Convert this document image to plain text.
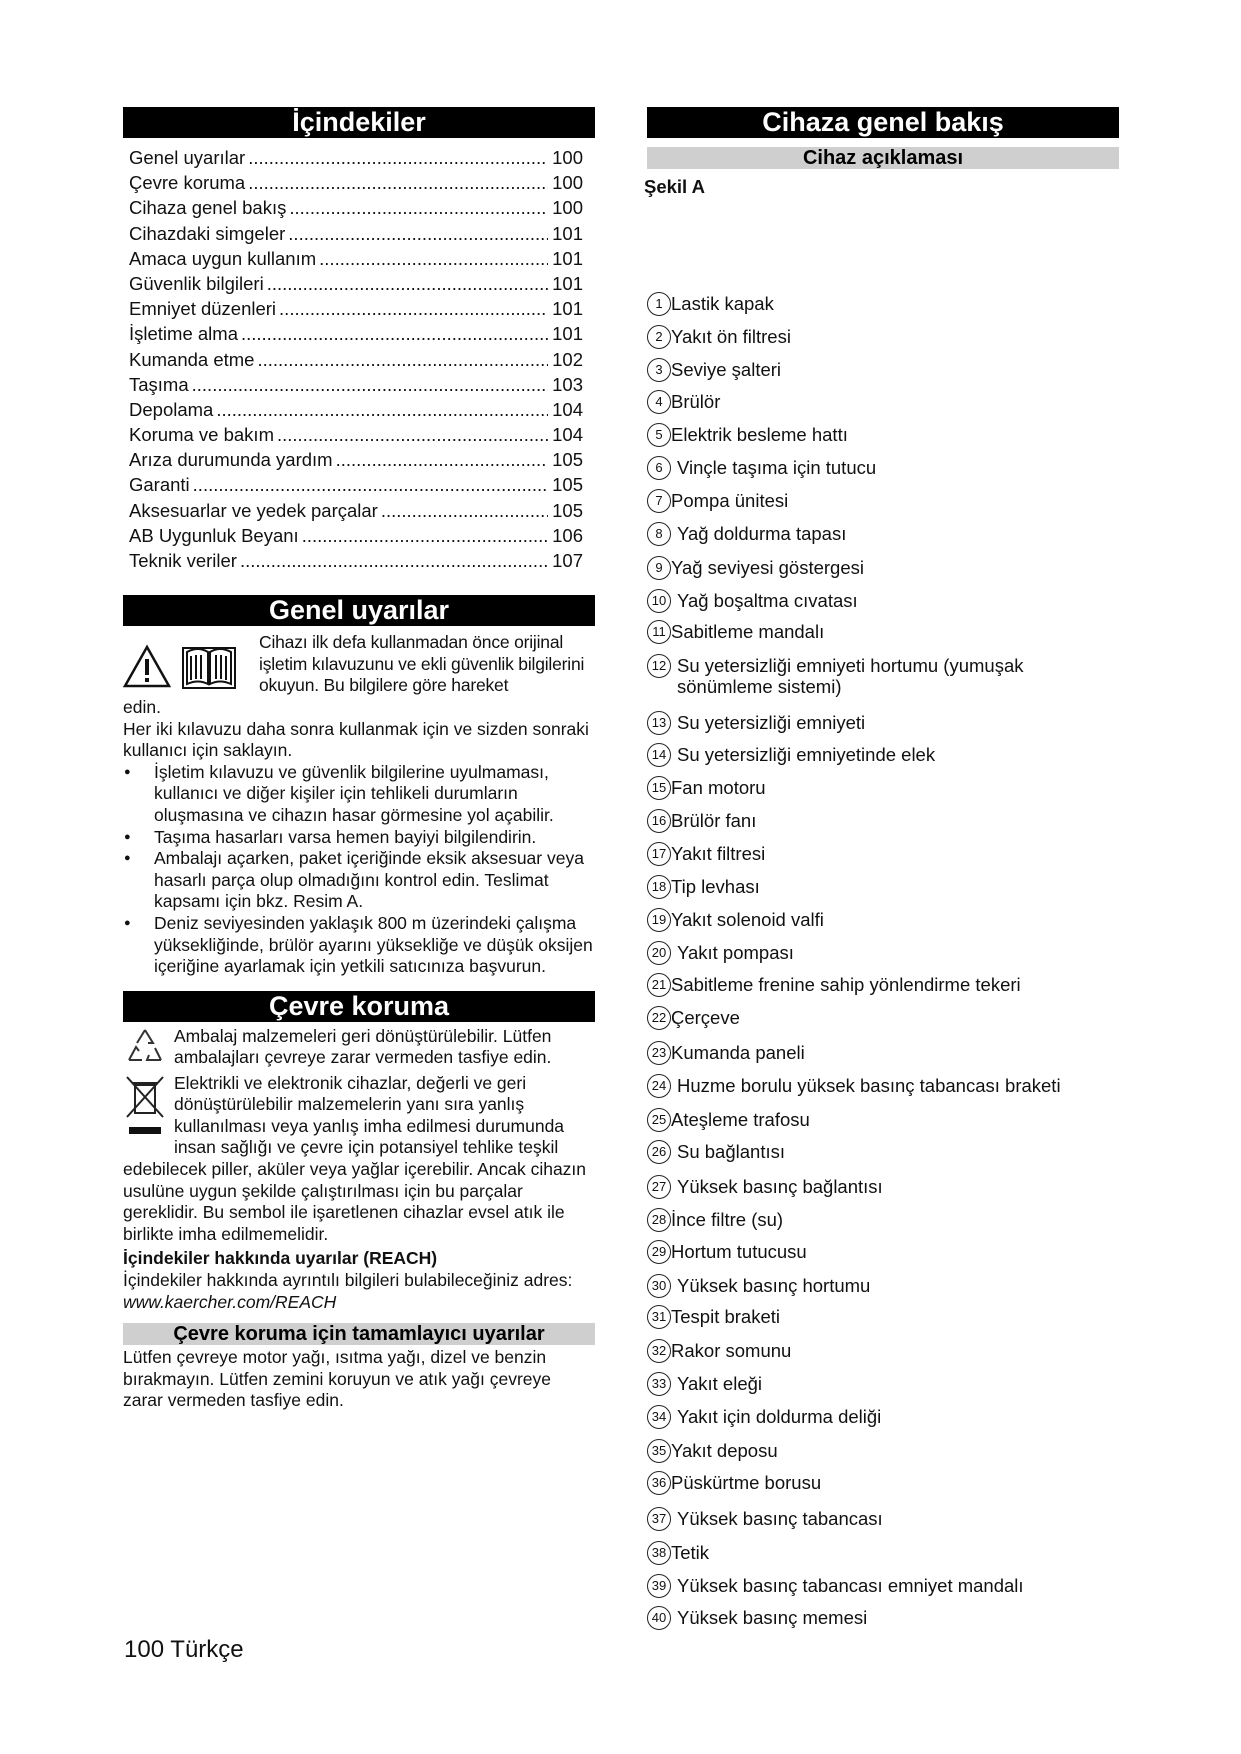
İçindekiler
Genel uyarılar .....	100
Çevre koruma .....	100
Cihaza genel bakış .....	100
Cihazdaki simgeler .....	101
Amaca uygun kullanım .....	101
Güvenlik bilgileri .....	101
Emniyet düzenleri .....	101
İşletime alma .....	101
Kumanda etme .....	102
Taşıma .....	103
Depolama .....	104
Koruma ve bakım .....	104
Arıza durumunda yardım .....	105
Garanti .....	105
Aksesuarlar ve yedek parçalar .....	105
AB Uygunluk Beyanı .....	106
Teknik veriler .....	107
Genel uyarılar
Cihazı ilk defa kullanmadan önce orijinal işletim kılavuzunu ve ekli güvenlik bilgilerini okuyun. Bu bilgilere göre hareket

edin.

Her iki kılavuzu daha sonra kullanmak için ve sizden sonraki kullanıcı için saklayın.

● İşletim kılavuzu ve güvenlik bilgilerine uyulmaması, kullanıcı ve diğer kişiler için tehlikeli durumların oluşmasına ve cihazın hasar görmesine yol açabilir.
● Taşıma hasarları varsa hemen bayiyi bilgilendirin.
● Ambalajı açarken, paket içeriğinde eksik aksesuar veya hasarlı parça olup olmadığını kontrol edin. Teslimat kapsamı için bkz. Resim A.
● Deniz seviyesinden yaklaşık 800 m üzerindeki çalışma yüksekliğinde, brülör ayarını yüksekliğe ve düşük oksijen içeriğine ayarlamak için yetkili satıcınıza başvurun.
Çevre koruma
Ambalaj malzemeleri geri dönüştürülebilir. Lütfen ambalajları çevreye zarar vermeden tasfiye edin.
Elektrikli ve elektronik cihazlar, değerli ve geri dönüştürülebilir malzemelerin yanı sıra yanlış kullanılması veya yanlış imha edilmesi durumunda insan sağlığı ve çevre için potansiyel tehlike teşkil

edebilecek piller, aküler veya yağlar içerebilir. Ancak cihazın usulüne uygun şekilde çalıştırılması için bu parçalar gereklidir. Bu sembol ile işaretlenen cihazlar evsel atık ile birlikte imha edilmemelidir.

İçindekiler hakkında uyarılar (REACH)

İçindekiler hakkında ayrıntılı bilgileri bulabileceğiniz adres: www.kaercher.com/REACH

Çevre koruma için tamamlayıcı uyarılar

Lütfen çevreye motor yağı, ısıtma yağı, dizel ve benzin bırakmayın. Lütfen zemini koruyun ve atık yağı çevreye zarar vermeden tasfiye edin.

Cihaza genel bakış
Cihaz açıklaması
Şekil A
1 Lastik kapak
2 Yakıt ön filtresi
3 Seviye şalteri
4 Brülör
5 Elektrik besleme hattı
6 Vinçle taşıma için tutucu
7 Pompa ünitesi
8 Yağ doldurma tapası
9 Yağ seviyesi göstergesi
10 Yağ boşaltma cıvatası
11 Sabitleme mandalı
12 Su yetersizliği emniyeti hortumu (yumuşak sönümleme sistemi)
13 Su yetersizliği emniyeti
14 Su yetersizliği emniyetinde elek
15 Fan motoru
16 Brülör fanı
17 Yakıt filtresi
18 Tip levhası
19 Yakıt solenoid valfi
20 Yakıt pompası
21 Sabitleme frenine sahip yönlendirme tekeri
22 Çerçeve
23 Kumanda paneli
24 Huzme borulu yüksek basınç tabancası braketi
25 Ateşleme trafosu
26 Su bağlantısı
27 Yüksek basınç bağlantısı
28 İnce filtre (su)
29 Hortum tutucusu
30 Yüksek basınç hortumu
31 Tespit braketi
32 Rakor somunu
33 Yakıt eleği
34 Yakıt için doldurma deliği
35 Yakıt deposu
36 Püskürtme borusu
37 Yüksek basınç tabancası
38 Tetik
39 Yüksek basınç tabancası emniyet mandalı
40 Yüksek basınç memesi
100 Türkçe
